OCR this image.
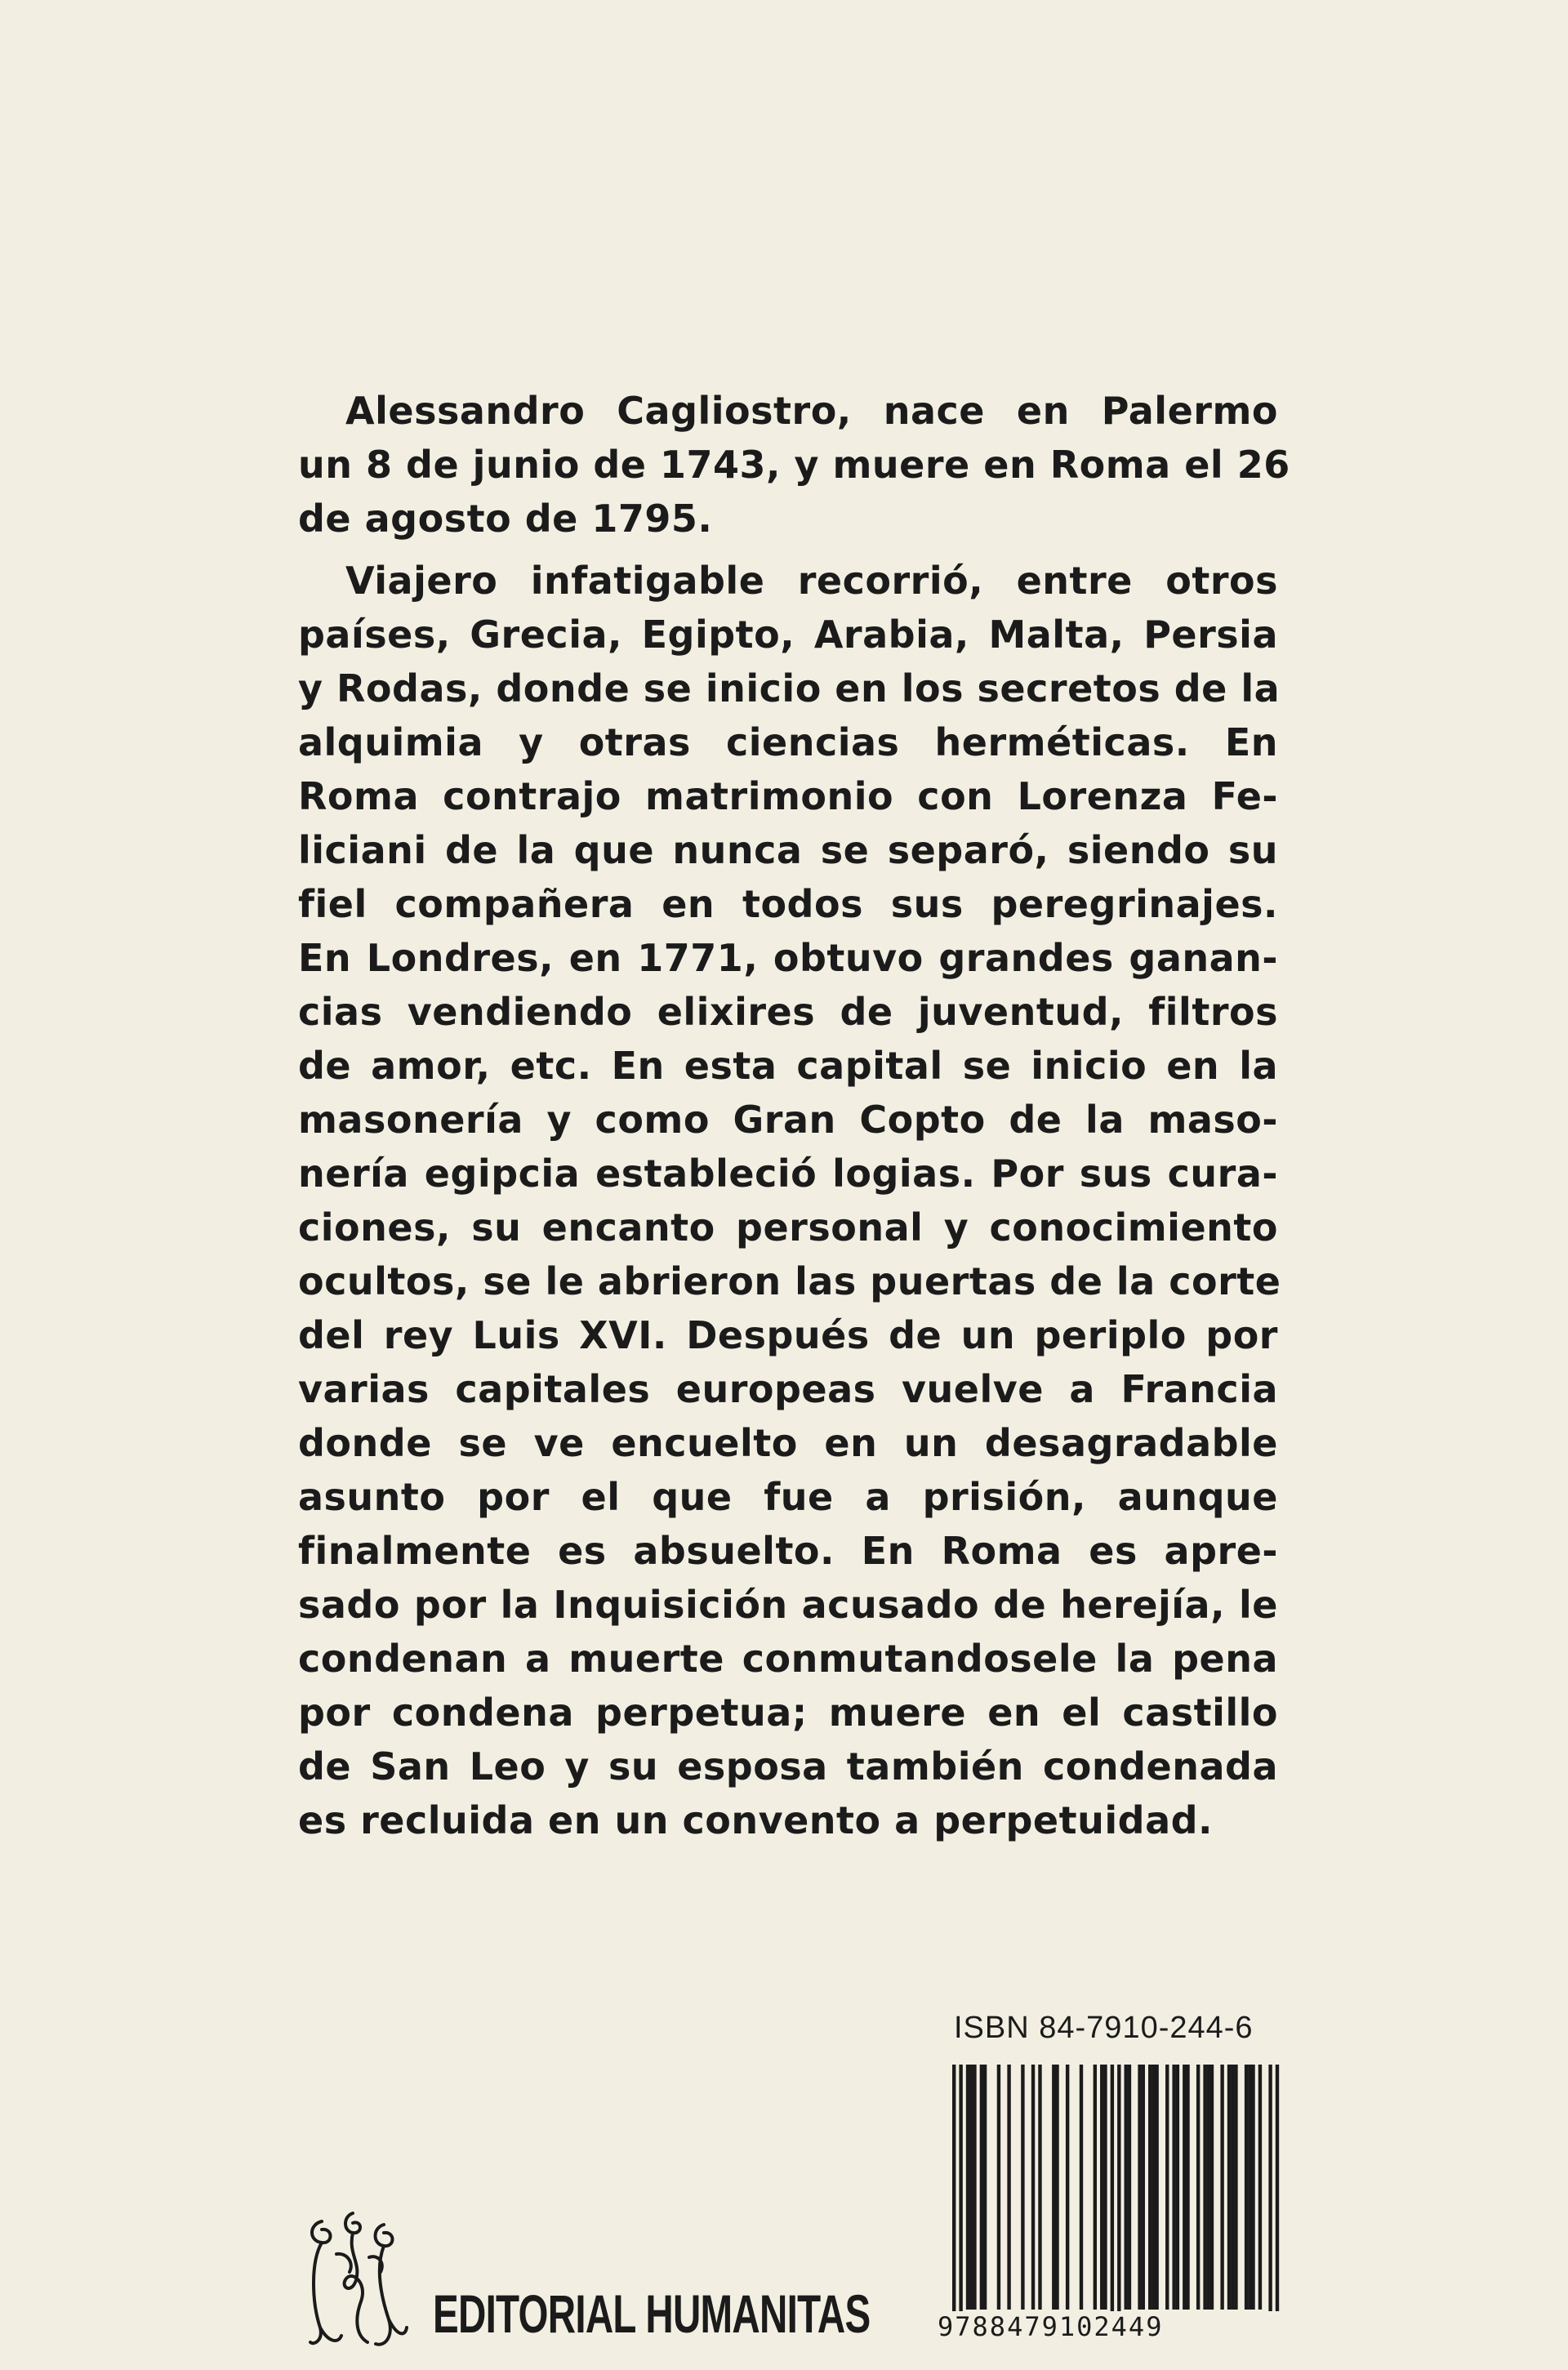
Alessandro Cagliostro, nace en Palermo
un 8 de junio de 1743, y muere en Roma el 26
de agosto de 1795.
Viajero infatigable recorrió, entre otros
países, Grecia, Egipto, Arabia, Malta, Persia
y Rodas, donde se inicio en los secretos de la
alquimia y otras ciencias herméticas. En
Roma contrajo matrimonio con Lorenza Fe-
liciani de la que nunca se separó, siendo su
fiel compañera en todos sus peregrinajes.
En Londres, en 1771, obtuvo grandes ganan-
cias vendiendo elixires de juventud, filtros
de amor, etc. En esta capital se inicio en la
masonería y como Gran Copto de la maso-
nería egipcia estableció logias. Por sus cura-
ciones, su encanto personal y conocimiento
ocultos, se le abrieron las puertas de la corte
del rey Luis XVI. Después de un periplo por
varias capitales europeas vuelve a Francia
donde se ve encuelto en un desagradable
asunto por el que fue a prisión, aunque
finalmente es absuelto. En Roma es apre-
sado por la Inquisición acusado de herejía, le
condenan a muerte conmutandosele la pena
por condena perpetua; muere en el castillo
de San Leo y su esposa también condenada
es recluida en un convento a perpetuidad.
ISBN 84-7910-244-6
9788479102449
EDITORIAL HUMANITAS
